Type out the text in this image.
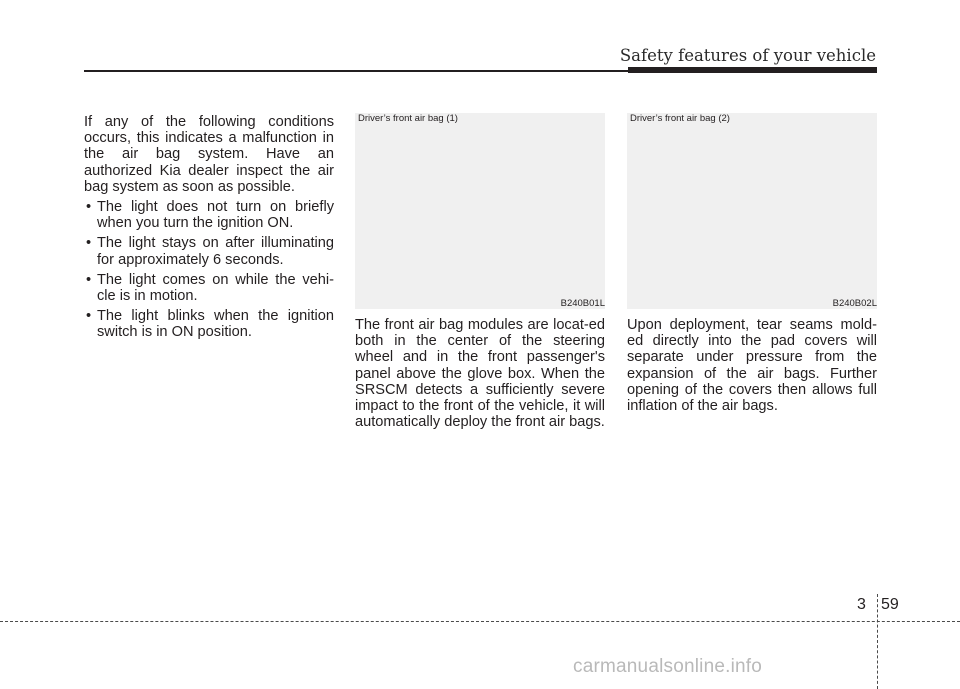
Safety features of your vehicle

If any of the following conditions occurs, this indicates a malfunction in the air bag system. Have an authorized Kia dealer inspect the air bag system as soon as possible.

• The light does not turn on briefly when you turn the ignition ON.
• The light stays on after illuminating for approximately 6 seconds.
• The light comes on while the vehi-cle is in motion.
• The light blinks when the ignition switch is in ON position.
Driver’s front air bag (1)
B240B01L
Driver’s front air bag (2)
B240B02L

The front air bag modules are locat-ed both in the center of the steering wheel and in the front passenger's panel above the glove box. When the SRSCM detects a sufficiently severe impact to the front of the vehicle, it will automatically deploy the front air bags.

Upon deployment, tear seams mold-ed directly into the pad covers will separate under pressure from the expansion of the air bags. Further opening of the covers then allows full inflation of the air bags.

3 59
carmanualsonline.info
